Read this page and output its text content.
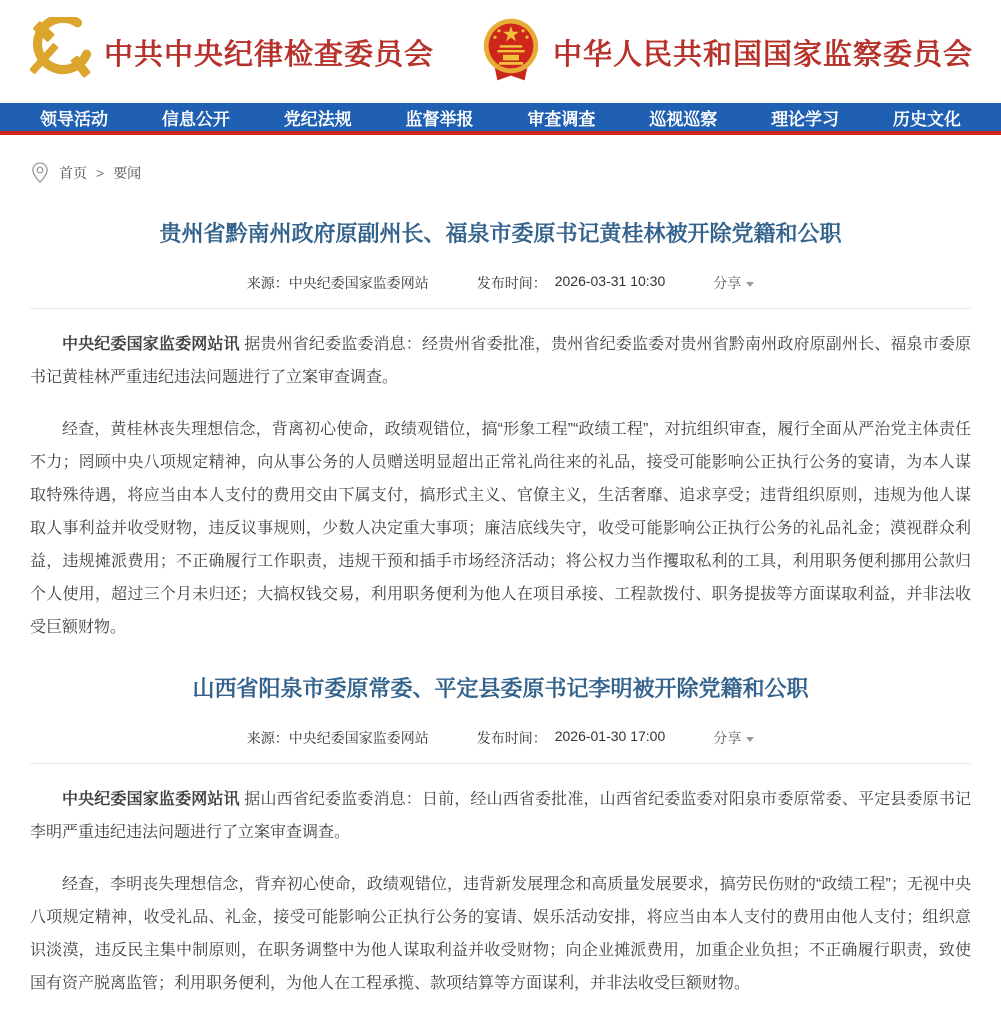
中共中央纪律检查委员会	中华人民共和国国家监察委员会
领导活动	信息公开	党纪法规	监督举报	审查调查	巡视巡察	理论学习	历史文化
首页 > 要闻
贵州省黔南州政府原副州长、福泉市委原书记黄桂林被开除党籍和公职
来源：中央纪委国家监委网站	发布时间： 2026-03-31 10:30	分享

中央纪委国家监委网站讯 据贵州省纪委监委消息：经贵州省委批准，贵州省纪委监委对贵州省黔南州政府原副州长、福泉市委原书记黄桂林严重违纪违法问题进行了立案审查调查。

经查，黄桂林丧失理想信念，背离初心使命，政绩观错位，搞“形象工程”“政绩工程”，对抗组织审查，履行全面从严治党主体责任不力；罔顾中央八项规定精神，向从事公务的人员赠送明显超出正常礼尚往来的礼品，接受可能影响公正执行公务的宴请，为本人谋取特殊待遇，将应当由本人支付的费用交由下属支付，搞形式主义、官僚主义，生活奢靡、追求享受；违背组织原则，违规为他人谋取人事利益并收受财物，违反议事规则，少数人决定重大事项；廉洁底线失守，收受可能影响公正执行公务的礼品礼金；漠视群众利益，违规摊派费用；不正确履行工作职责，违规干预和插手市场经济活动；将公权力当作攫取私利的工具，利用职务便利挪用公款归个人使用，超过三个月未归还；大搞权钱交易，利用职务便利为他人在项目承接、工程款拨付、职务提拔等方面谋取利益，并非法收受巨额财物。

山西省阳泉市委原常委、平定县委原书记李明被开除党籍和公职
来源：中央纪委国家监委网站	发布时间： 2026-01-30 17:00	分享

中央纪委国家监委网站讯 据山西省纪委监委消息：日前，经山西省委批准，山西省纪委监委对阳泉市委原常委、平定县委原书记李明严重违纪违法问题进行了立案审查调查。

经查，李明丧失理想信念，背弃初心使命，政绩观错位，违背新发展理念和高质量发展要求，搞劳民伤财的“政绩工程”；无视中央八项规定精神，收受礼品、礼金，接受可能影响公正执行公务的宴请、娱乐活动安排，将应当由本人支付的费用由他人支付；组织意识淡漠，违反民主集中制原则，在职务调整中为他人谋取利益并收受财物；向企业摊派费用，加重企业负担；不正确履行职责，致使国有资产脱离监管；利用职务便利，为他人在工程承揽、款项结算等方面谋利，并非法收受巨额财物。
